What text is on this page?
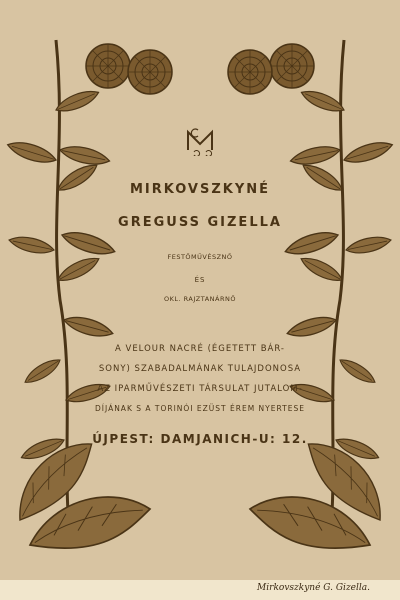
MIRKOVSZKYNÉ
GREGUSS GIZELLA
FESTŐMŰVÉSZNŐ
ÉS
OKL. RAJZTANÁRNŐ
A VELOUR NACRÉ (ÉGETETT BÁR-
SONY) SZABADALMÁNAK TULAJDONOSA
AZ IPARMŰVÉSZETI TÁRSULAT JUTALOM-
DÍJÁNAK S A TORINÓI EZÜST ÉREM NYERTESE
ÚJPEST: DAMJANICH-U: 12.
Mirkovszkyné G. Gizella.
